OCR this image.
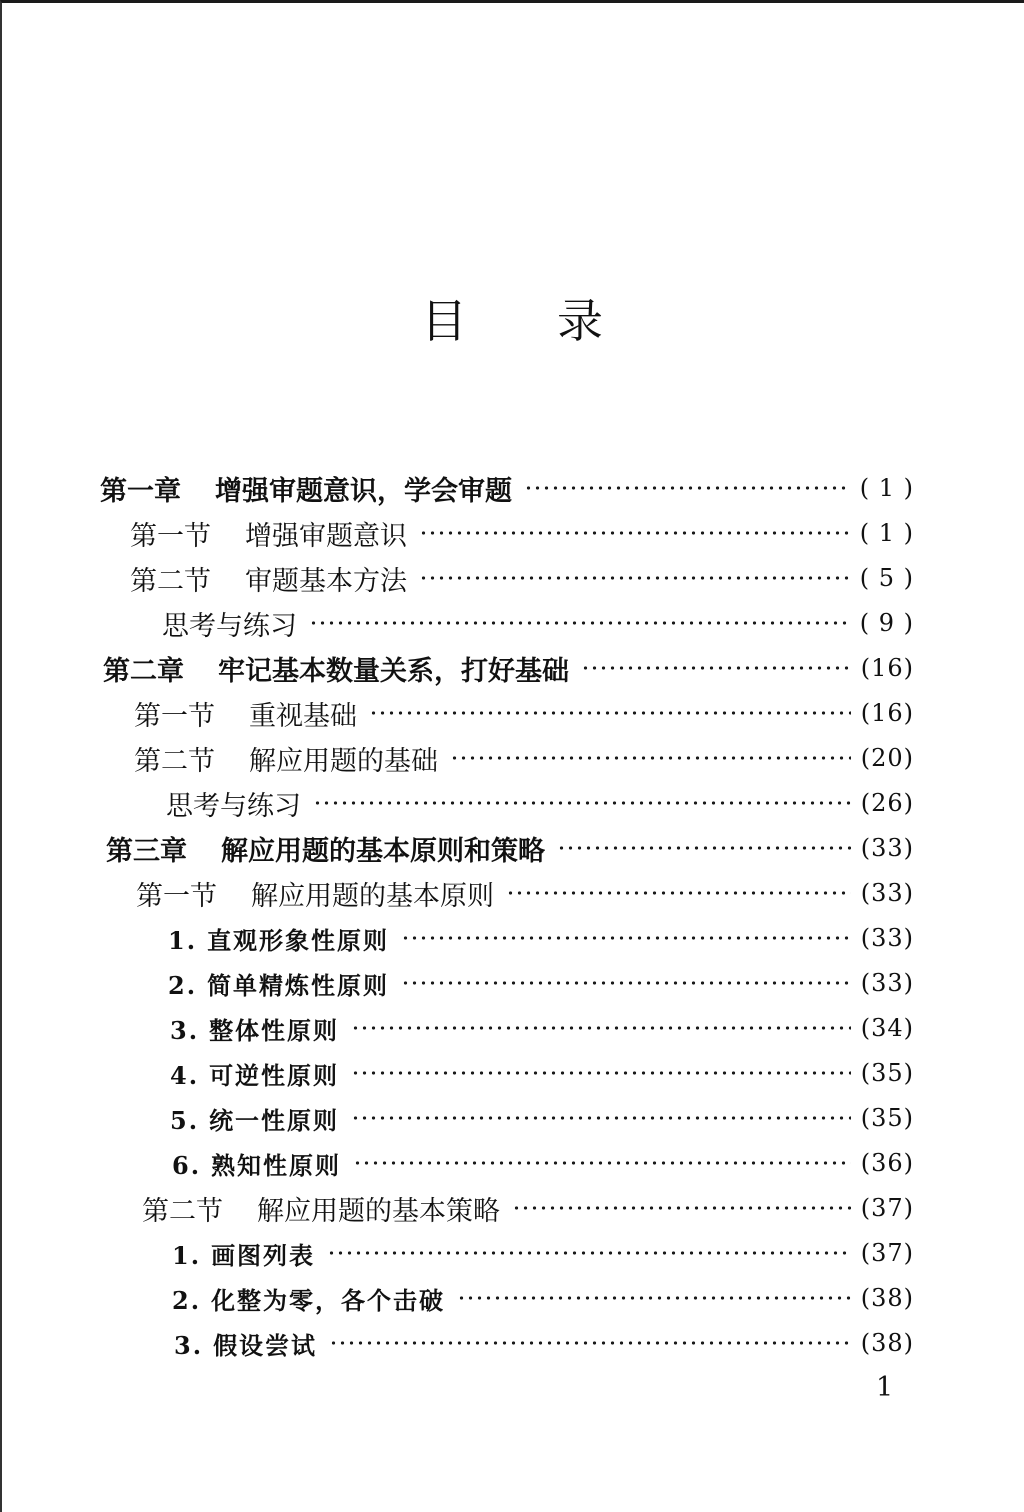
目 录
第一章 增强审题意识，学会审题	( 1 )
第一节 增强审题意识	( 1 )
第二节 审题基本方法	( 5 )
思考与练习	( 9 )
第二章 牢记基本数量关系，打好基础	(16)
第一节 重视基础	(16)
第二节 解应用题的基础	(20)
思考与练习	(26)
第三章 解应用题的基本原则和策略	(33)
第一节 解应用题的基本原则	(33)
1. 直观形象性原则	(33)
2. 简单精炼性原则	(33)
3. 整体性原则	(34)
4. 可逆性原则	(35)
5. 统一性原则	(35)
6. 熟知性原则	(36)
第二节 解应用题的基本策略	(37)
1. 画图列表	(37)
2. 化整为零，各个击破	(38)
3. 假设尝试	(38)
1
